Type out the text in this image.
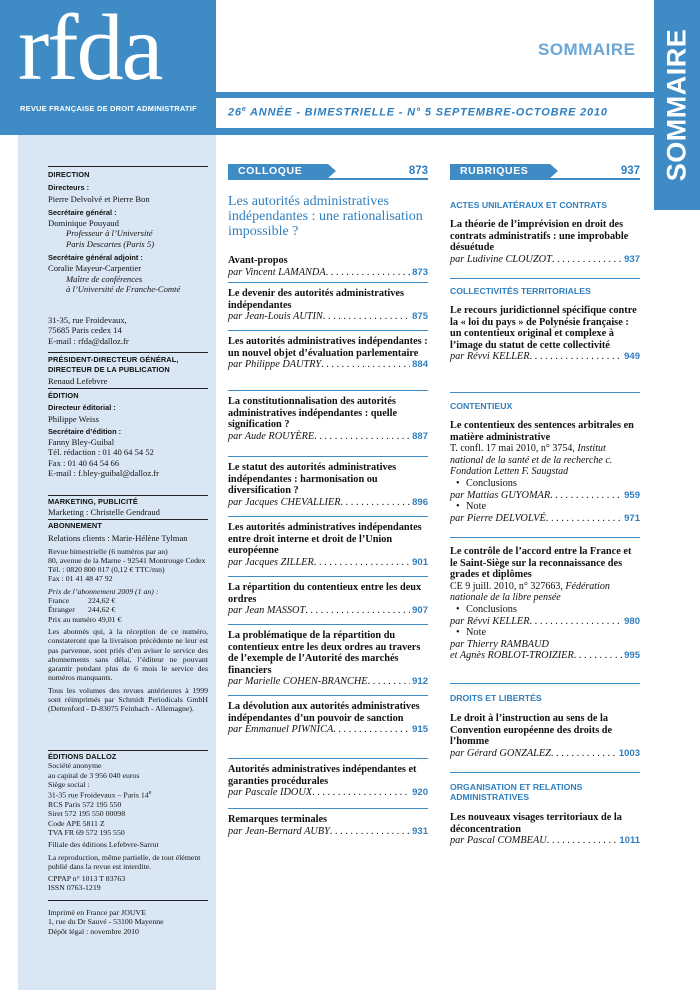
rfda
REVUE FRANÇAISE DE DROIT ADMINISTRATIF	26e ANNÉE - BIMESTRIELLE - N° 5 SEPTEMBRE-OCTOBRE 2010
SOMMAIRE SOMMAIRE
DIRECTION
Directeurs :
Pierre Delvolvé et Pierre Bon
Secrétaire général :
Dominique Pouyaud
Professeur à l’Université
Paris Descartes (Paris 5)
Secrétaire général adjoint :
Coralie Mayeur-Carpentier
Maître de conférences
à l’Université de Franche-Comté
31-35, rue Froidevaux,
75685 Paris cedex 14
E-mail : rfda@dalloz.fr
PRÉSIDENT-DIRECTEUR GÉNÉRAL,
DIRECTEUR DE LA PUBLICATION
Renaud Lefebvre
ÉDITION
Directeur éditorial :
Philippe Weiss
Secrétaire d’édition :
Fanny Bley-Guibal
Tél. rédaction : 01 40 64 54 52
Fax : 01 40 64 54 66
E-mail : f.bley-guibal@dalloz.fr
MARKETING, PUBLICITÉ
Marketing : Christelle Gendraud
ABONNEMENT
Relations clients : Marie-Hélène Tylman
Revue bimestrielle (6 numéros par an)
80, avenue de la Marne - 92541 Montrouge Cedex
Tél. : 0820 800 017 (0,12 € TTC/mn)
Fax : 01 41 48 47 92
Prix de l’abonnement 2009 (1 an) :
France 224,62 €
Étranger 244,62 €
Prix au numéro 49,01 €
Les abonnés qui, à la réception de ce numéro, constateront que la livraison précédente ne leur est pas parvenue, sont priés d’en aviser le service des abonnements sans délai, l’éditeur ne pouvant garantir pendant plus de 6 mois le service des numéros manquants.
Tous les volumes des revues antérieures à 1999 sont réimprimés par Schmidt Periodicals GmbH (Dettenford - D-83075 Feinbach - Allemagne).
ÉDITIONS DALLOZ
Société anonyme
au capital de 3 956 040 euros
Siège social :
31-35 rue Froidevaux – Paris 14e
RCS Paris 572 195 550
Siret 572 195 550 00098
Code APE 5811 Z
TVA FR 69 572 195 550
Filiale des éditions Lefebvre-Sarrut
La reproduction, même partielle, de tout élément publié dans la revue est interdite.
CPPAP n° 1013 T 83763
ISSN 0763-1219
Imprimé en France par JOUVE
1, rue du Dr Sauvé - 53100 Mayenne
Dépôt légal : novembre 2010
COLLOQUE	873
Les autorités administratives indépendantes : une rationalisation impossible ?
Avant-propos
par Vincent LAMANDA . . .	873
Le devenir des autorités administratives indépendantes
par Jean-Louis AUTIN . . .	875
Les autorités administratives indépendantes : un nouvel objet d’évaluation parlementaire
par Philippe DAUTRY . . .	884
La constitutionnalisation des autorités administratives indépendantes : quelle signification ?
par Aude ROUYÈRE . . .	887
Le statut des autorités administratives indépendantes : harmonisation ou diversification ?
par Jacques CHEVALLIER . . .	896
Les autorités administratives indépendantes entre droit interne et droit de l’Union européenne
par Jacques ZILLER . . .	901
La répartition du contentieux entre les deux ordres
par Jean MASSOT . . .	907
La problématique de la répartition du contentieux entre les deux ordres au travers de l’exemple de l’Autorité des marchés financiers
par Marielle COHEN-BRANCHE . . .	912
La dévolution aux autorités administratives indépendantes d’un pouvoir de sanction
par Emmanuel PIWNICA . . .	915
Autorités administratives indépendantes et garanties procédurales
par Pascale IDOUX . . .	920
Remarques terminales
par Jean-Bernard AUBY . . .	931
RUBRIQUES	937
ACTES UNILATÉRAUX ET CONTRATS
La théorie de l’imprévision en droit des contrats administratifs : une improbable désuétude
par Ludivine CLOUZOT . . .	937
COLLECTIVITÉS TERRITORIALES
Le recours juridictionnel spécifique contre la « loi du pays » de Polynésie française : un contentieux original et complexe à l’image du statut de cette collectivité
par Révvi KELLER . . .	949
CONTENTIEUX
Le contentieux des sentences arbitrales en matière administrative
T. confl. 17 mai 2010, n° 3754, Institut national de la santé et de la recherche c. Fondation Letten F. Saugstad
• Conclusions
par Mattias GUYOMAR . . .	959
• Note
par Pierre DELVOLVÉ . . .	971
Le contrôle de l’accord entre la France et le Saint-Siège sur la reconnaissance des grades et diplômes
CE 9 juill. 2010, n° 327663, Fédération nationale de la libre pensée
• Conclusions
par Révvi KELLER . . .	980
• Note
par Thierry RAMBAUD
et Agnès ROBLOT-TROIZIER . . .	995
DROITS ET LIBERTÉS
Le droit à l’instruction au sens de la Convention européenne des droits de l’homme
par Gérard GONZALEZ . . .	1003
ORGANISATION ET RELATIONS ADMINISTRATIVES
Les nouveaux visages territoriaux de la déconcentration
par Pascal COMBEAU . . .	1011
